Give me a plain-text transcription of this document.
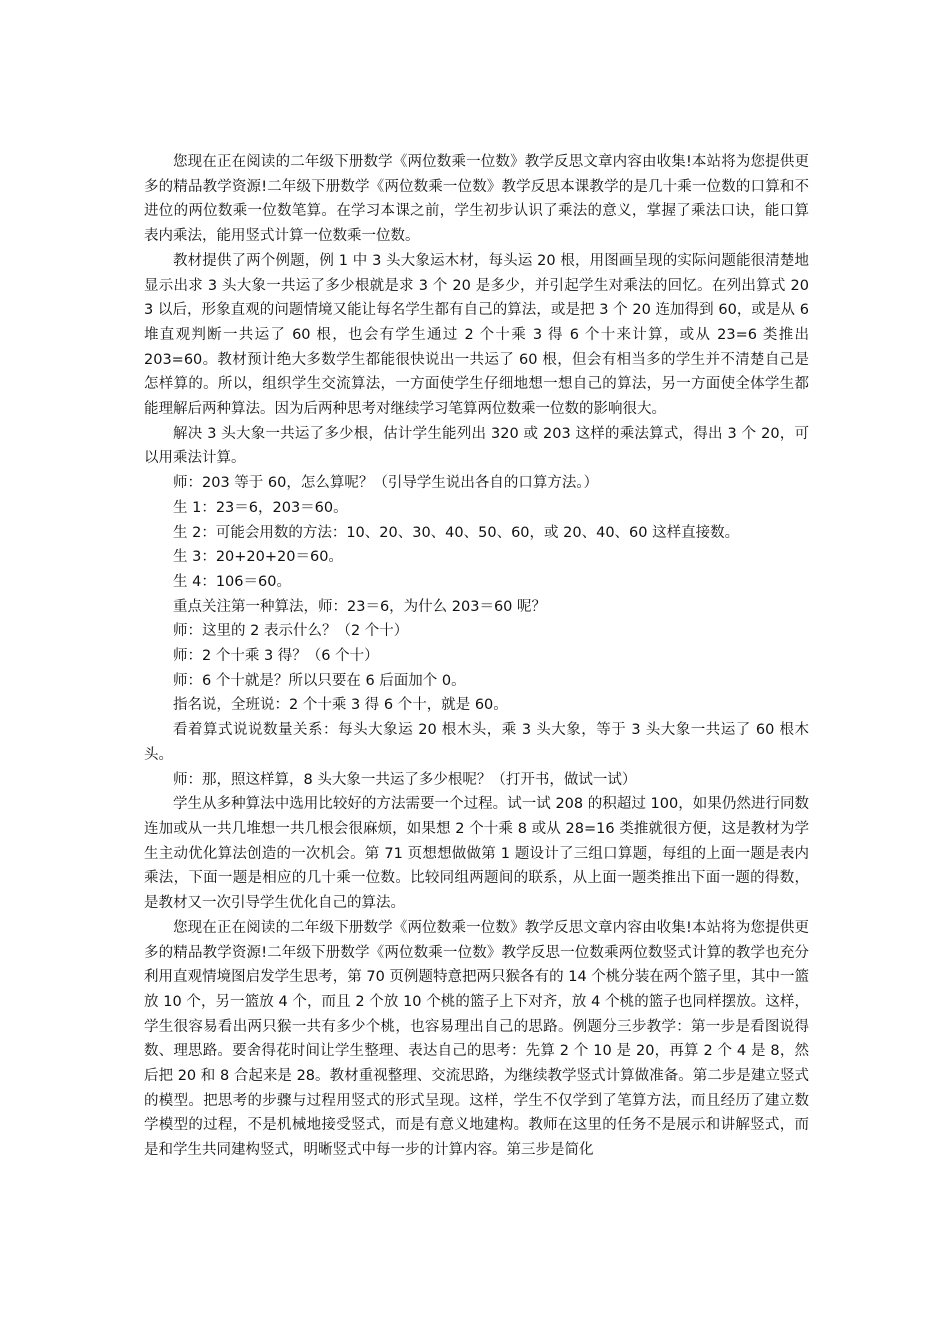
您现在正在阅读的二年级下册数学《两位数乘一位数》教学反思文章内容由收集!本站将为您提供更多的精品教学资源!二年级下册数学《两位数乘一位数》教学反思本课教学的是几十乘一位数的口算和不进位的两位数乘一位数笔算。在学习本课之前，学生初步认识了乘法的意义，掌握了乘法口诀，能口算表内乘法，能用竖式计算一位数乘一位数。

教材提供了两个例题，例 1 中 3 头大象运木材，每头运 20 根，用图画呈现的实际问题能很清楚地显示出求 3 头大象一共运了多少根就是求 3 个 20 是多少，并引起学生对乘法的回忆。在列出算式 20 3 以后，形象直观的问题情境又能让每名学生都有自己的算法，或是把 3 个 20 连加得到 60，或是从 6 堆直观判断一共运了 60 根，也会有学生通过 2 个十乘 3 得 6 个十来计算，或从 23=6 类推出 203=60。教材预计绝大多数学生都能很快说出一共运了 60 根，但会有相当多的学生并不清楚自己是怎样算的。所以，组织学生交流算法，一方面使学生仔细地想一想自己的算法，另一方面使全体学生都能理解后两种算法。因为后两种思考对继续学习笔算两位数乘一位数的影响很大。

解决 3 头大象一共运了多少根，估计学生能列出 320 或 203 这样的乘法算式，得出 3 个 20，可以用乘法计算。

师：203 等于 60，怎么算呢？（引导学生说出各自的口算方法。）

生 1：23＝6，203＝60。

生 2：可能会用数的方法：10、20、30、40、50、60，或 20、40、60 这样直接数。

生 3：20+20+20＝60。

生 4：106＝60。

重点关注第一种算法，师：23＝6，为什么 203＝60 呢？

师：这里的 2 表示什么？（2 个十）

师：2 个十乘 3 得？（6 个十）

师：6 个十就是？所以只要在 6 后面加个 0。

指名说，全班说：2 个十乘 3 得 6 个十，就是 60。

看着算式说说数量关系：每头大象运 20 根木头，乘 3 头大象，等于 3 头大象一共运了 60 根木头。

师：那，照这样算，8 头大象一共运了多少根呢？（打开书，做试一试）

学生从多种算法中选用比较好的方法需要一个过程。试一试 208 的积超过 100，如果仍然进行同数连加或从一共几堆想一共几根会很麻烦，如果想 2 个十乘 8 或从 28=16 类推就很方便，这是教材为学生主动优化算法创造的一次机会。第 71 页想想做做第 1 题设计了三组口算题，每组的上面一题是表内乘法，下面一题是相应的几十乘一位数。比较同组两题间的联系，从上面一题类推出下面一题的得数，是教材又一次引导学生优化自己的算法。

您现在正在阅读的二年级下册数学《两位数乘一位数》教学反思文章内容由收集!本站将为您提供更多的精品教学资源!二年级下册数学《两位数乘一位数》教学反思一位数乘两位数竖式计算的教学也充分利用直观情境图启发学生思考，第 70 页例题特意把两只猴各有的 14 个桃分装在两个篮子里，其中一篮放 10 个，另一篮放 4 个，而且 2 个放 10 个桃的篮子上下对齐，放 4 个桃的篮子也同样摆放。这样，学生很容易看出两只猴一共有多少个桃，也容易理出自己的思路。例题分三步教学：第一步是看图说得数、理思路。要舍得花时间让学生整理、表达自己的思考：先算 2 个 10 是 20，再算 2 个 4 是 8，然后把 20 和 8 合起来是 28。教材重视整理、交流思路，为继续教学竖式计算做准备。第二步是建立竖式的模型。把思考的步骤与过程用竖式的形式呈现。这样，学生不仅学到了笔算方法，而且经历了建立数学模型的过程，不是机械地接受竖式，而是有意义地建构。教师在这里的任务不是展示和讲解竖式，而是和学生共同建构竖式，明晰竖式中每一步的计算内容。第三步是简化
